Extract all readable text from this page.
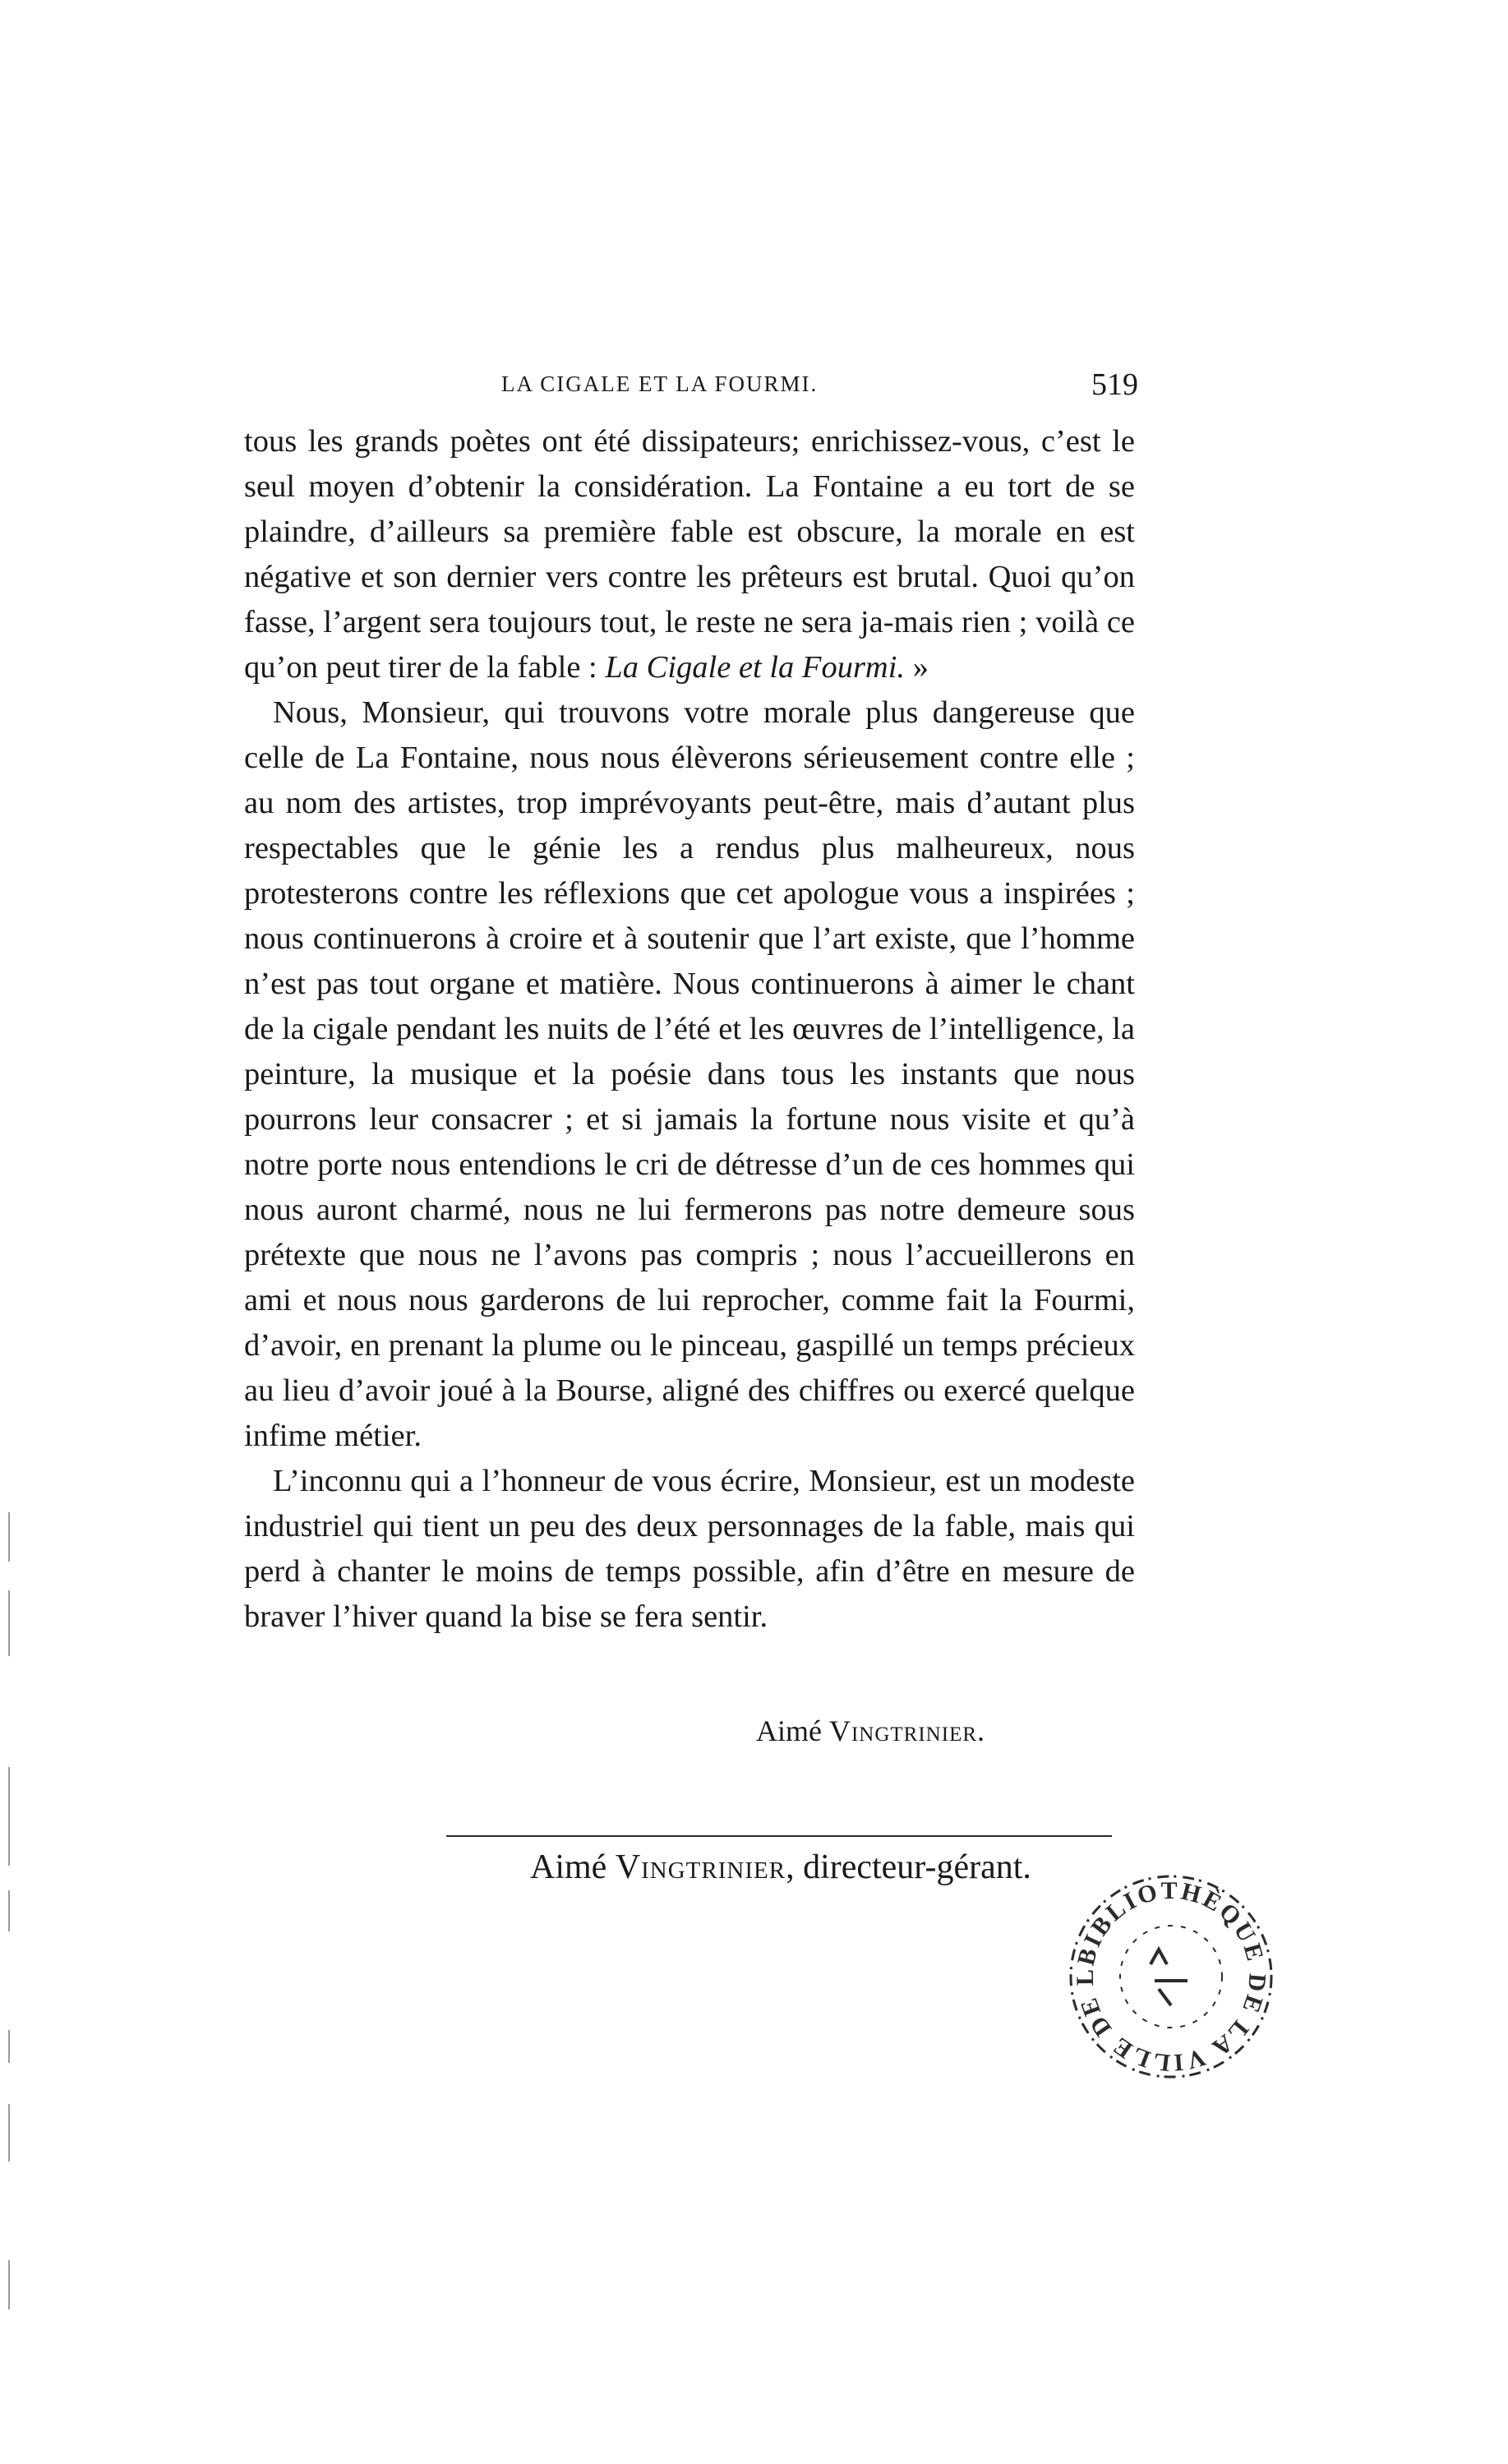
LA CIGALE ET LA FOURMI.	519

tous les grands poètes ont été dissipateurs; enrichissez-vous, c’est le seul moyen d’obtenir la considération. La Fontaine a eu tort de se plaindre, d’ailleurs sa première fable est obscure, la morale en est négative et son dernier vers contre les prêteurs est brutal. Quoi qu’on fasse, l’argent sera toujours tout, le reste ne sera ja-mais rien ; voilà ce qu’on peut tirer de la fable : La Cigale et la Fourmi. »

Nous, Monsieur, qui trouvons votre morale plus dangereuse que celle de La Fontaine, nous nous élèverons sérieusement contre elle ; au nom des artistes, trop imprévoyants peut-être, mais d’autant plus respectables que le génie les a rendus plus malheureux, nous protesterons contre les réflexions que cet apologue vous a inspirées ; nous continuerons à croire et à soutenir que l’art existe, que l’homme n’est pas tout organe et matière. Nous continuerons à aimer le chant de la cigale pendant les nuits de l’été et les œuvres de l’intelligence, la peinture, la musique et la poésie dans tous les instants que nous pourrons leur consacrer ; et si jamais la fortune nous visite et qu’à notre porte nous entendions le cri de détresse d’un de ces hommes qui nous auront charmé, nous ne lui fermerons pas notre demeure sous prétexte que nous ne l’avons pas compris ; nous l’accueillerons en ami et nous nous garderons de lui reprocher, comme fait la Fourmi, d’avoir, en prenant la plume ou le pinceau, gaspillé un temps précieux au lieu d’avoir joué à la Bourse, aligné des chiffres ou exercé quelque infime métier.

L’inconnu qui a l’honneur de vous écrire, Monsieur, est un modeste industriel qui tient un peu des deux personnages de la fable, mais qui perd à chanter le moins de temps possible, afin d’être en mesure de braver l’hiver quand la bise se fera sentir.

Aimé Vingtrinier.
Aimé Vingtrinier, directeur-gérant.
BIBLIOTHÈQUE DE LA VILLE DE L
